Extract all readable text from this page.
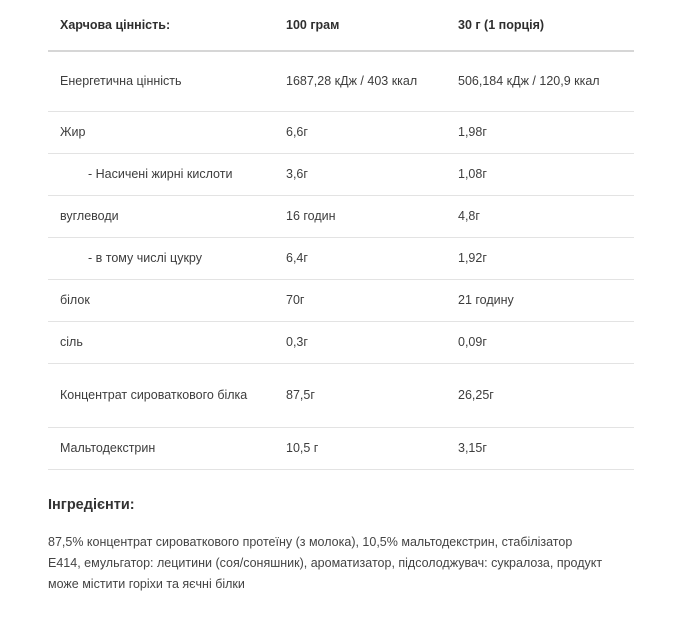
Харчова цінність:	100 грам	30 г (1 порція)
Енергетична цінність	1687,28 кДж / 403 ккал	506,184 кДж / 120,9 ккал
Жир	6,6г	1,98г
- Насичені жирні кислоти	3,6г	1,08г
вуглеводи	16 годин	4,8г
- в тому числі цукру	6,4г	1,92г
білок	70г	21 годину
сіль	0,3г	0,09г
Концентрат сироваткового білка	87,5г	26,25г
Мальтодекстрин	10,5 г	3,15г
Інгредієнти:

87,5% концентрат сироваткового протеїну (з молока), 10,5% мальтодекстрин, стабілізатор Е414, емульгатор: лецитини (соя/соняшник), ароматизатор, підсолоджувач: сукралоза, продукт може містити горіхи та яєчні білки
